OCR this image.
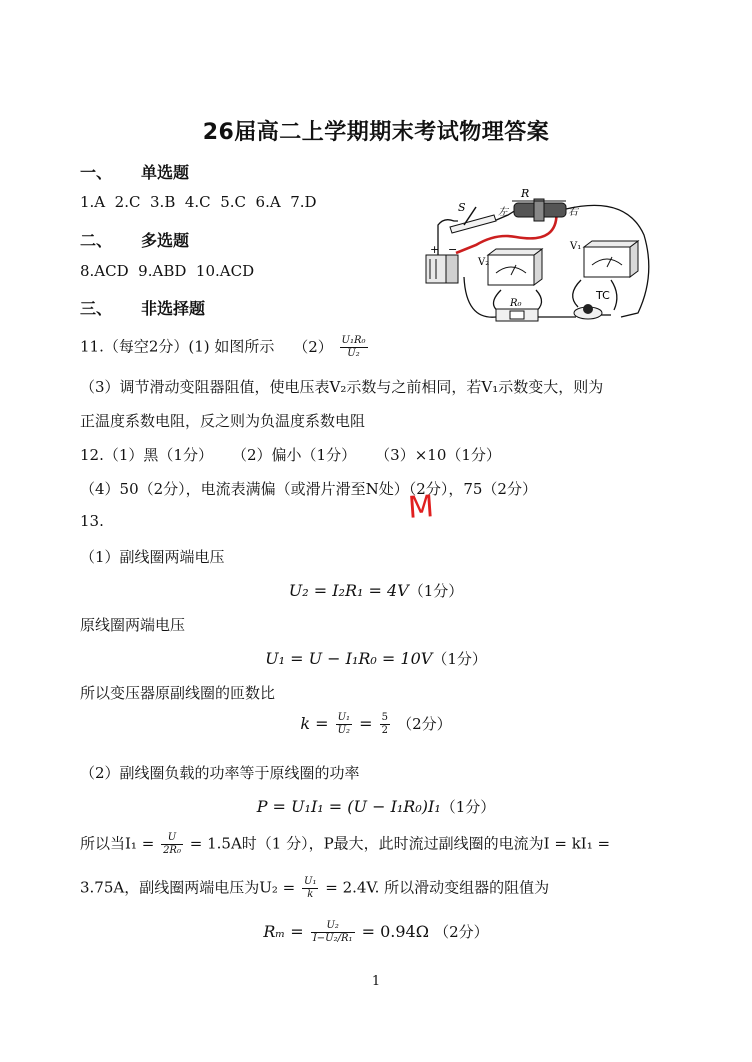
26届高二上学期期末考试物理答案
一、 单选题
1.A  2.C  3.B  4.C  5.C  6.A  7.D
二、 多选题
8.ACD  9.ABD  10.ACD
三、 非选择题
11.（每空2分）(1) 如图所示 $(2) \frac{\text{U₁R₀}}{\text{U₂}}$
（3）调节滑动变阻器阻值，使电压表V₂示数与之前相同，若V₁示数变大，则为
正温度系数电阻，反之则为负温度系数电阻
12.（1）黑（1分）    （2）偏小（1分）    （3）×10（1分）
（4）50（2分），电流表满偏（或滑片滑至N处）（2分），75（2分）
M
13.
（1）副线圈两端电压
U₂ = I₂R₁ = 4V（1分）
原线圈两端电压
U₁ = U − I₁R₀ = 10V（1分）
所以变压器原副线圈的匝数比
$k = \frac{\text{U₁}}{\text{U₂}} = \frac{5}{2} (2$分）
（2）副线圈负载的功率等于原线圈的功率
P = U₁I₁ = (U − I₁R₀)I₁（1分）
所以当$I_1 = \frac{U}{\text{2R₀}} = 1.5A$时（1 分），P最大，此时流过副线圈的电流为I = kI₁ =
3.75A，副线圈两端电压为$U_2 = \frac{\text{U₁}}{k} = 2.4V$. 所以滑动变组器的阻值为
$R_m = \frac{\text{U₂}}{\text{I−U₂/R₁}} = 0.94\Omega$ （2分）
1
+ −
S
R
左	右
V₂
V₁
R₀
TC
